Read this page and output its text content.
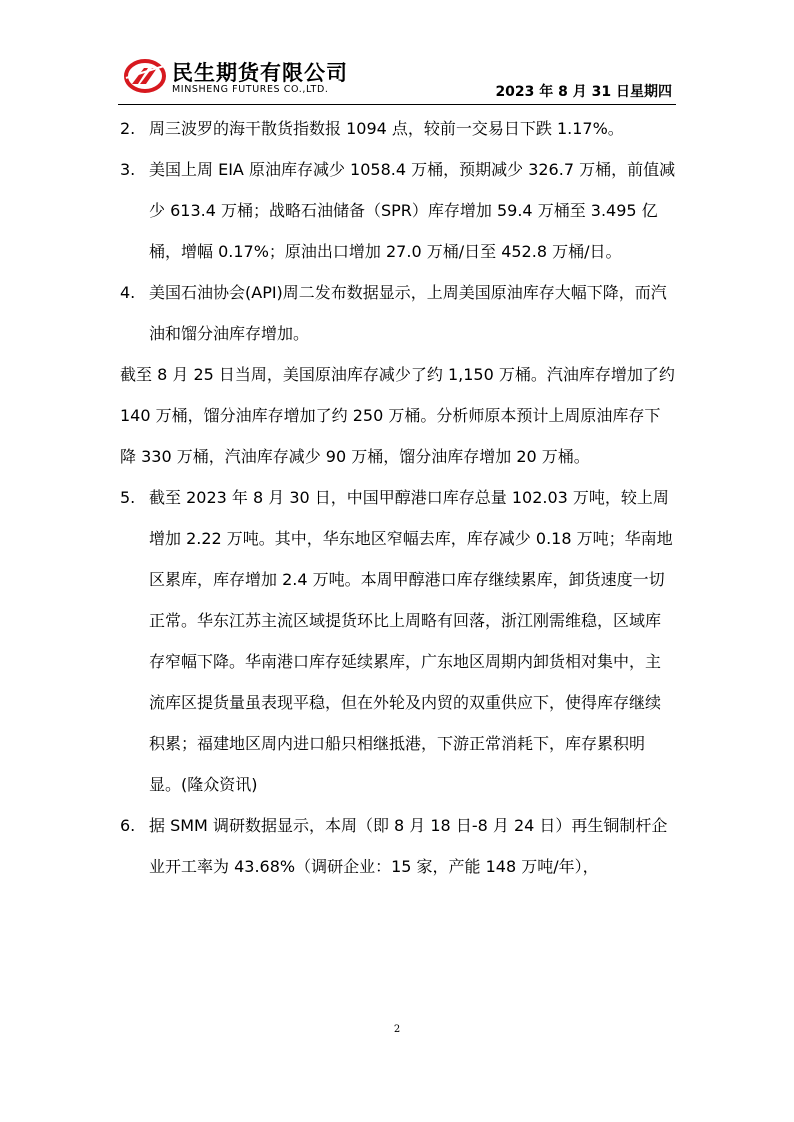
民生期货有限公司
MINSHENG FUTURES CO.,LTD.	2023 年 8 月 31 日星期四
2. 周三波罗的海干散货指数报 1094 点，较前一交易日下跌 1.17%。
3. 美国上周 EIA 原油库存减少 1058.4 万桶，预期减少 326.7 万桶，前值减少 613.4 万桶；战略石油储备（SPR）库存增加 59.4 万桶至 3.495 亿桶，增幅 0.17%；原油出口增加 27.0 万桶/日至 452.8 万桶/日。
4. 美国石油协会(API)周二发布数据显示，上周美国原油库存大幅下降，而汽油和馏分油库存增加。

截至 8 月 25 日当周，美国原油库存减少了约 1,150 万桶。汽油库存增加了约 140 万桶，馏分油库存增加了约 250 万桶。分析师原本预计上周原油库存下降 330 万桶，汽油库存减少 90 万桶，馏分油库存增加 20 万桶。

5. 截至 2023 年 8 月 30 日，中国甲醇港口库存总量 102.03 万吨，较上周增加 2.22 万吨。其中，华东地区窄幅去库，库存减少 0.18 万吨；华南地区累库，库存增加 2.4 万吨。本周甲醇港口库存继续累库，卸货速度一切正常。华东江苏主流区域提货环比上周略有回落，浙江刚需维稳，区域库存窄幅下降。华南港口库存延续累库，广东地区周期内卸货相对集中，主流库区提货量虽表现平稳，但在外轮及内贸的双重供应下，使得库存继续积累；福建地区周内进口船只相继抵港，下游正常消耗下，库存累积明显。(隆众资讯)
6. 据 SMM 调研数据显示，本周（即 8 月 18 日-8 月 24 日）再生铜制杆企业开工率为 43.68%（调研企业：15 家，产能 148 万吨/年），
2
